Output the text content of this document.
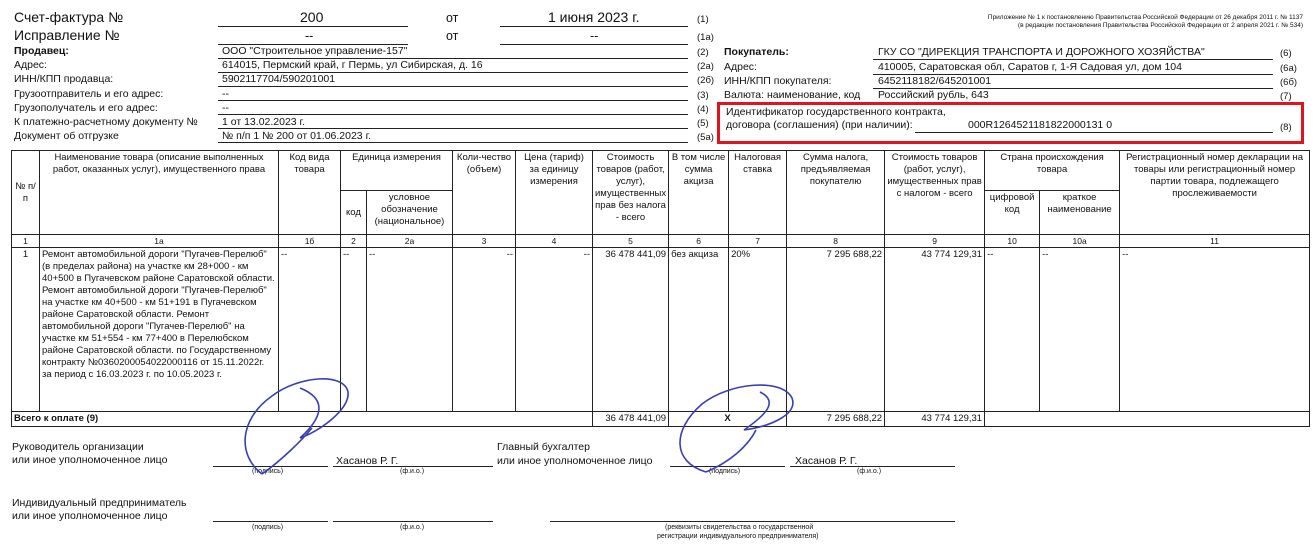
Счет-фактура №	200	от	1 июня 2023 г.	(1)
Исправление №	--	от	--	(1а)
Приложение № 1 к постановлению Правительства Российской Федерации от 26 декабря 2011 г. № 1137
(в редакции постановления Правительства Российской Федерации от 2 апреля 2021 г. № 534)
Продавец:	ООО "Строительное управление-157"	(2)
Адрес:	614015, Пермский край, г Пермь, ул Сибирская, д. 16	(2а)
ИНН/КПП продавца:	5902117704/590201001	(2б)
Грузоотправитель и его адрес:	--	(3)
Грузополучатель и его адрес:	--	(4)
К платежно-расчетному документу № 1 от 13.02.2023 г.	(5)
Документ об отгрузке	№ п/п 1 № 200 от 01.06.2023 г.	(5а)
Покупатель:	ГКУ СО "ДИРЕКЦИЯ ТРАНСПОРТА И ДОРОЖНОГО ХОЗЯЙСТВА"	(6)
Адрес:	410005, Саратовская обл, Саратов г, 1-Я Садовая ул, дом 104	(6а)
ИНН/КПП покупателя:	6452118182/645201001	(6б)
Валюта: наименование, код Российский рубль, 643	(7)
Идентификатор государственного контракта,
договора (соглашения) (при наличии):	000R1264521181822000131 0	(8)
№ п/п	Наименование товара (описание выполненных работ, оказанных услуг), имущественного права	Код вида товара	Единица измерения		Коли-чество (объем)	Цена (тариф) за единицу измерения	Стоимость товаров (работ, услуг), имущественных прав без налога - всего	В том числе сумма акциза	Налоговая ставка	Сумма налога, предъявляемая покупателю	Стоимость товаров (работ, услуг), имущественных прав с налогом - всего	Страна происхождения товара		Регистрационный номер декларации на товары или регистрационный номер партии товара, подлежащего прослеживаемости
			код	условное обозначение (национальное)								цифровой код	краткое наименование	
1	1а	1б	2	2а	3	4	5	6	7	8	9	10	10а	11
1	Ремонт автомобильной дороги "Пугачев-Перелюб" (в пределах района) на участке км 28+000 - км 40+500 в Пугачевском районе Саратовской области. Ремонт автомобильной дороги "Пугачев-Перелюб" на участке км 40+500 - км 51+191 в Пугачевском районе Саратовской области. Ремонт автомобильной дороги "Пугачев-Перелюб" на участке км 51+554 - км 77+400 в Перелюбском районе Саратовской области. по Государственному контракту №0360200054022000116 от 15.11.2022г. за период с 16.03.2023 г. по 10.05.2023 г.	--	--	--	--	--	36 478 441,09	без акциза	20%	7 295 688,22	43 774 129,31	--	--	--
Всего к оплате (9)							36 478 441,09	X		7 295 688,22	43 774 129,31			
Руководитель организации
или иное уполномоченное лицо
(подпись)
Хасанов Р. Г.
(ф.и.о.)
Главный бухгалтер
или иное уполномоченное лицо
(подпись)
Хасанов Р. Г.
(ф.и.о.)
Индивидуальный предприниматель
или иное уполномоченное лицо
(подпись)	(ф.и.о.)	(реквизиты свидетельства о государственной
регистрации индивидуального предпринимателя)
